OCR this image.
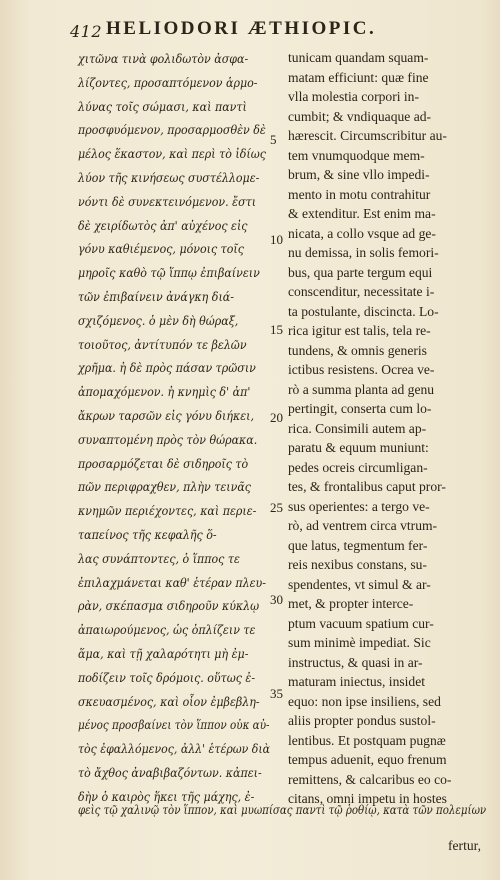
412 HELIODORI ÆTHIOPIC.
χιτῶνα τινὰ φολιδωτὸν ἀσφα-
λίζοντες, προσαπτόμενον ἁρμο-
λύνας τοῖς σώμασι, καὶ παντὶ
προσφυόμενον, προσαρμοσθὲν δὲ
μέλος ἕκαστον, καὶ περὶ τὸ ἰδίως
λύον τῆς κινήσεως συστέλλομε-
νόντι δὲ συνεκτεινόμενον. ἔστι
δὲ χειρίδωτὸς ἀπ' αὐχένος εἰς
γόνυ καθιέμενος, μόνοις τοῖς
μηροῖς καθὸ τῷ ἵππῳ ἐπιβαίνειν
τῶν ἐπιβαίνειν ἀνάγκη διά-
σχιζόμενος. ὁ μὲν δὴ θώραξ,
τοιοῦτος, ἀντίτυπόν τε βελῶν
χρῆμα. ἡ δὲ πρὸς πάσαν τρῶσιν
ἀπομαχόμενον. ἡ κνημὶς δ' ἀπ'
ἄκρων ταρσῶν εἰς γόνυ διήκει,
συναπτομένη πρὸς τὸν θώρακα.
προσαρμόζεται δὲ σιδηροῖς τὸ
πῶν περιφραχθεν, πλὴν τεινᾶς
κνημῶν περιέχοντες, καὶ περιε-
ταπείνος τῆς κεφαλῆς ὅ-
λας συνάπτοντες, ὁ ἵππος τε
ἐπιλαχμάνεται καθ' ἑτέραν πλευ-
ρὰν, σκέπασμα σιδηροῦν κύκλῳ
ἀπαιωρούμενος, ὡς ὁπλίζειν τε
ἅμα, καὶ τῇ χαλαρότητι μὴ ἐμ-
ποδίζειν τοῖς δρόμοις. οὕτως ἐ-
σκευασμένος, καὶ οἷον ἐμβεβλη-
μένος προσβαίνει τὸν ἵππον οὐκ αὐ-
τὸς ἐφαλλόμενος, ἀλλ' ἑτέρων διὰ
τὸ ἄχθος ἀναβιβαζόντων. κἀπει-
δὴν ὁ καιρὸς ἥκει τῆς μάχης, ἐ-
5
10
15
20
25
30
35
tunicam quandam squam-
matam efficiunt: quæ fine
vlla molestia corpori in-
cumbit; & vndiquaque ad-
hærescit. Circumscribitur au-
tem vnumquodque mem-
brum, & sine vllo impedi-
mento in motu contrahitur
& extenditur. Est enim ma-
nicata, a collo vsque ad ge-
nu demissa, in solis femori-
bus, qua parte tergum equi
conscenditur, necessitate i-
ta postulante, discincta. Lo-
rica igitur est talis, tela re-
tundens, & omnis generis
ictibus resistens. Ocrea ve-
rò a summa planta ad genu
pertingit, conserta cum lo-
rica. Consimili autem ap-
paratu & equum muniunt:
pedes ocreis circumligan-
tes, & frontalibus caput pror-
sus operientes: a tergo ve-
rò, ad ventrem circa vtrum-
que latus, tegmentum fer-
reis nexibus constans, su-
spendentes, vt simul & ar-
met, & propter interce-
ptum vacuum spatium cur-
sum minimè impediat. Sic
instructus, & quasi in ar-
maturam iniectus, insidet
equo: non ipse insiliens, sed
aliis propter pondus sustol-
lentibus. Et postquam pugnæ
tempus aduenit, equo frenum
remittens, & calcaribus eo co-
citans, omni impetu in hostes
φεὶς τῷ χαλινῷ τὸν ἵππον, καὶ μυωπίσας παντὶ τῷ ῥοθίῳ, κατὰ τῶν πολεμίων
fertur,
